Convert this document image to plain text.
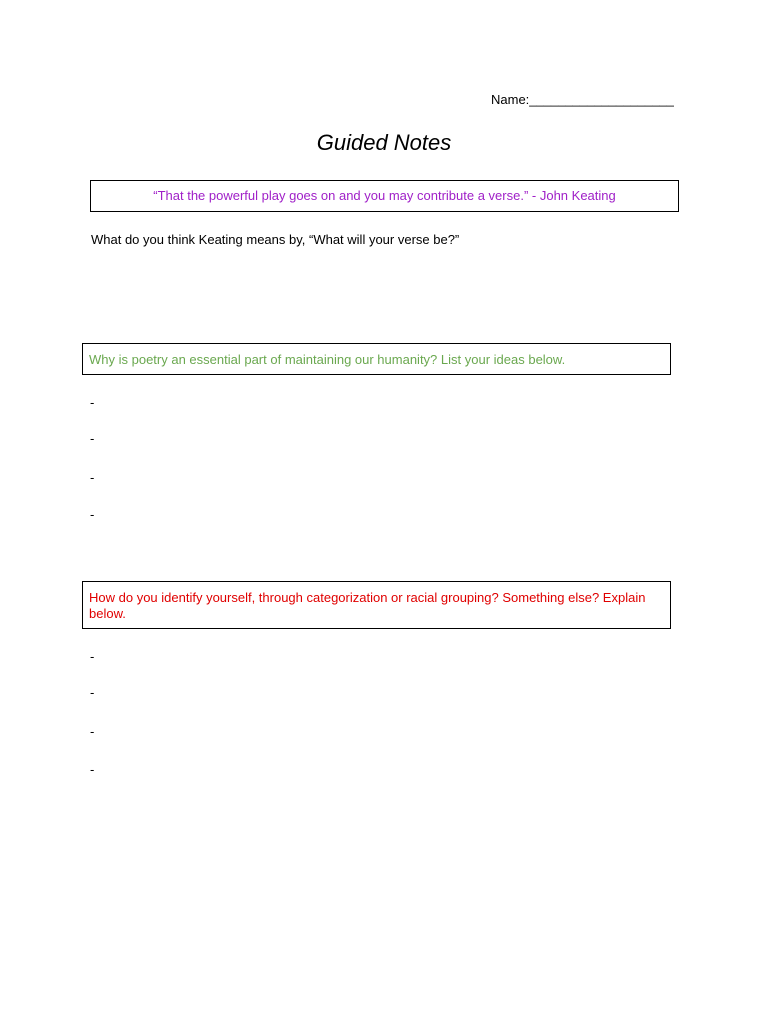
Name:____________________
Guided Notes
“That the powerful play goes on and you may contribute a verse.” - John Keating
What do you think Keating means by, “What will your verse be?”
Why is poetry an essential part of maintaining our humanity? List your ideas below.
-
-
-
-
How do you identify yourself, through categorization or racial grouping? Something else? Explain below.
-
-
-
-
